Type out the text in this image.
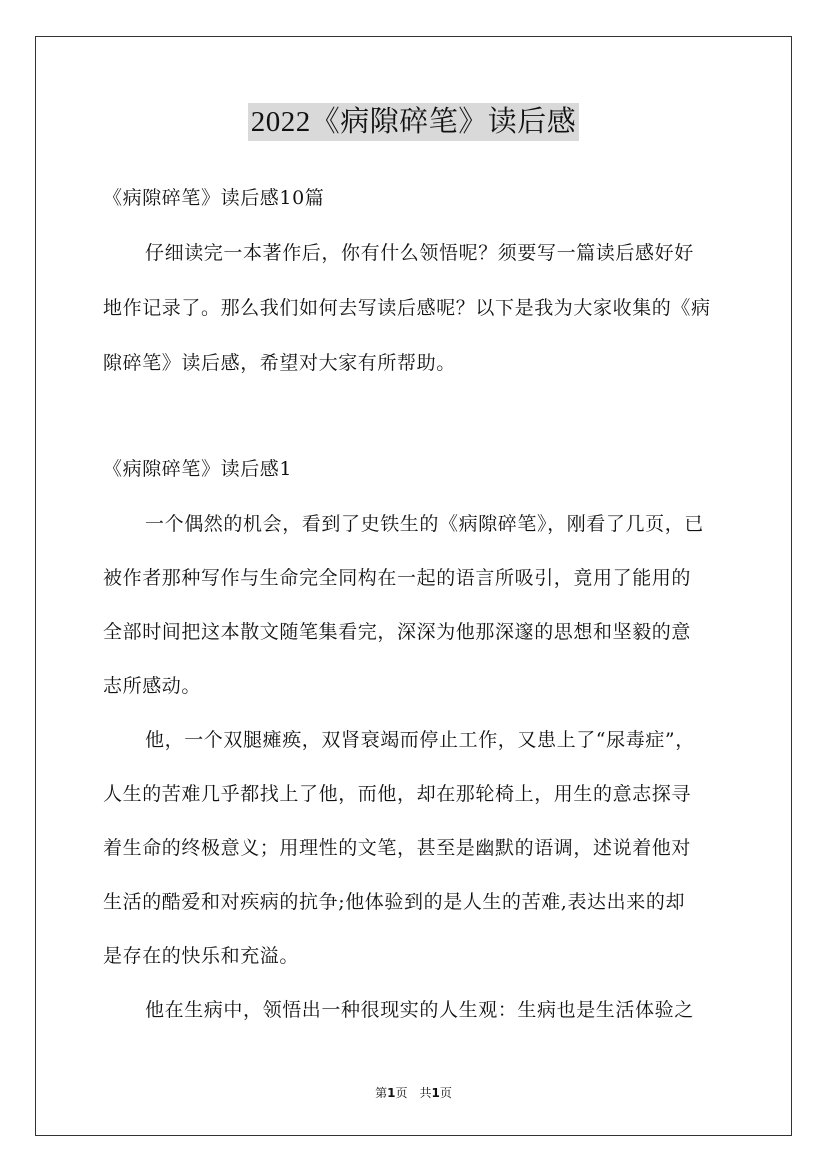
2022《病隙碎笔》读后感
《病隙碎笔》读后感10篇
仔细读完一本著作后，你有什么领悟呢？须要写一篇读后感好好
地作记录了。那么我们如何去写读后感呢？以下是我为大家收集的《病
隙碎笔》读后感，希望对大家有所帮助。
《病隙碎笔》读后感1
一个偶然的机会，看到了史铁生的《病隙碎笔》，刚看了几页，已
被作者那种写作与生命完全同构在一起的语言所吸引，竟用了能用的
全部时间把这本散文随笔集看完，深深为他那深邃的思想和坚毅的意
志所感动。
他，一个双腿瘫痪，双肾衰竭而停止工作，又患上了“尿毒症”，
人生的苦难几乎都找上了他，而他，却在那轮椅上，用生的意志探寻
着生命的终极意义；用理性的文笔，甚至是幽默的语调，述说着他对
生活的酷爱和对疾病的抗争;他体验到的是人生的苦难,表达出来的却
是存在的快乐和充溢。
他在生病中，领悟出一种很现实的人生观：生病也是生活体验之
第1页　共1页
